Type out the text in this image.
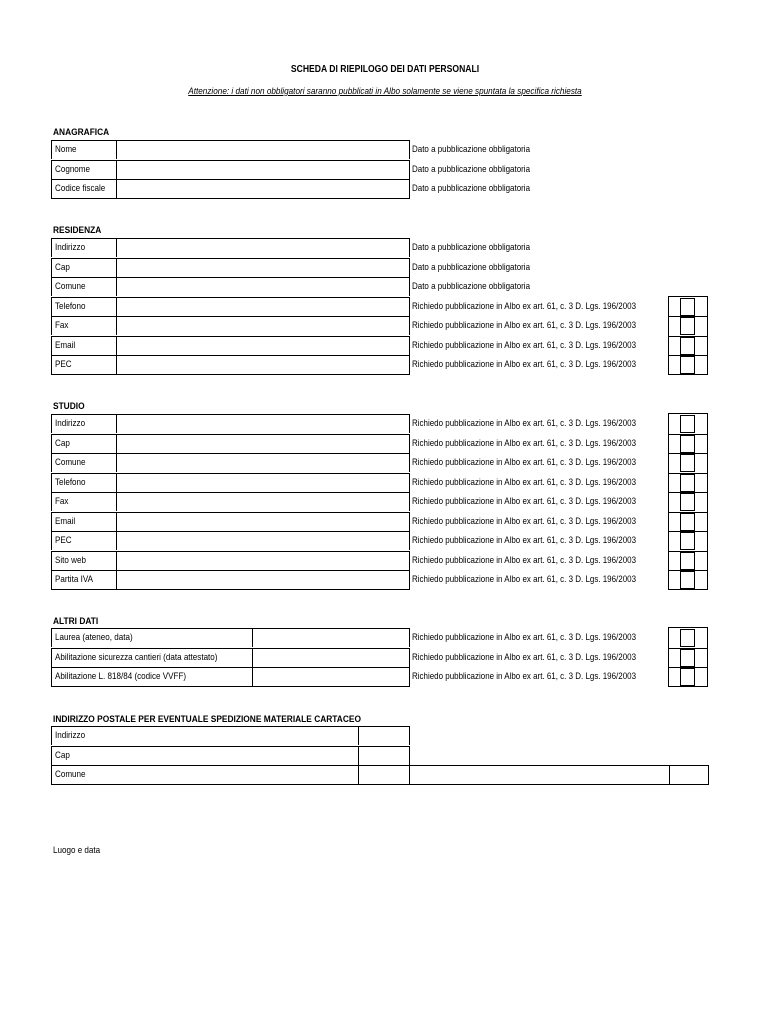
SCHEDA DI RIEPILOGO DEI DATI PERSONALI
Attenzione: i dati non obbligatori saranno pubblicati in Albo solamente se viene spuntata la specifica richiesta
ANAGRAFICA
Nome	Dato a pubblicazione obbligatoria
Cognome	Dato a pubblicazione obbligatoria
Codice fiscale	Dato a pubblicazione obbligatoria
RESIDENZA
Indirizzo	Dato a pubblicazione obbligatoria
Cap	Dato a pubblicazione obbligatoria
Comune	Dato a pubblicazione obbligatoria
Telefono	Richiedo pubblicazione in Albo ex art. 61, c. 3 D. Lgs. 196/2003
Fax	Richiedo pubblicazione in Albo ex art. 61, c. 3 D. Lgs. 196/2003
Email	Richiedo pubblicazione in Albo ex art. 61, c. 3 D. Lgs. 196/2003
PEC	Richiedo pubblicazione in Albo ex art. 61, c. 3 D. Lgs. 196/2003
STUDIO
Indirizzo	Richiedo pubblicazione in Albo ex art. 61, c. 3 D. Lgs. 196/2003
Cap	Richiedo pubblicazione in Albo ex art. 61, c. 3 D. Lgs. 196/2003
Comune	Richiedo pubblicazione in Albo ex art. 61, c. 3 D. Lgs. 196/2003
Telefono	Richiedo pubblicazione in Albo ex art. 61, c. 3 D. Lgs. 196/2003
Fax	Richiedo pubblicazione in Albo ex art. 61, c. 3 D. Lgs. 196/2003
Email	Richiedo pubblicazione in Albo ex art. 61, c. 3 D. Lgs. 196/2003
PEC	Richiedo pubblicazione in Albo ex art. 61, c. 3 D. Lgs. 196/2003
Sito web	Richiedo pubblicazione in Albo ex art. 61, c. 3 D. Lgs. 196/2003
Partita IVA	Richiedo pubblicazione in Albo ex art. 61, c. 3 D. Lgs. 196/2003
ALTRI DATI
Laurea (ateneo, data)	Richiedo pubblicazione in Albo ex art. 61, c. 3 D. Lgs. 196/2003
Abilitazione sicurezza cantieri (data attestato)	Richiedo pubblicazione in Albo ex art. 61, c. 3 D. Lgs. 196/2003
Abilitazione L. 818/84 (codice VVFF)	Richiedo pubblicazione in Albo ex art. 61, c. 3 D. Lgs. 196/2003
INDIRIZZO POSTALE PER EVENTUALE SPEDIZIONE MATERIALE CARTACEO
Indirizzo
Cap
Comune
Luogo e data
